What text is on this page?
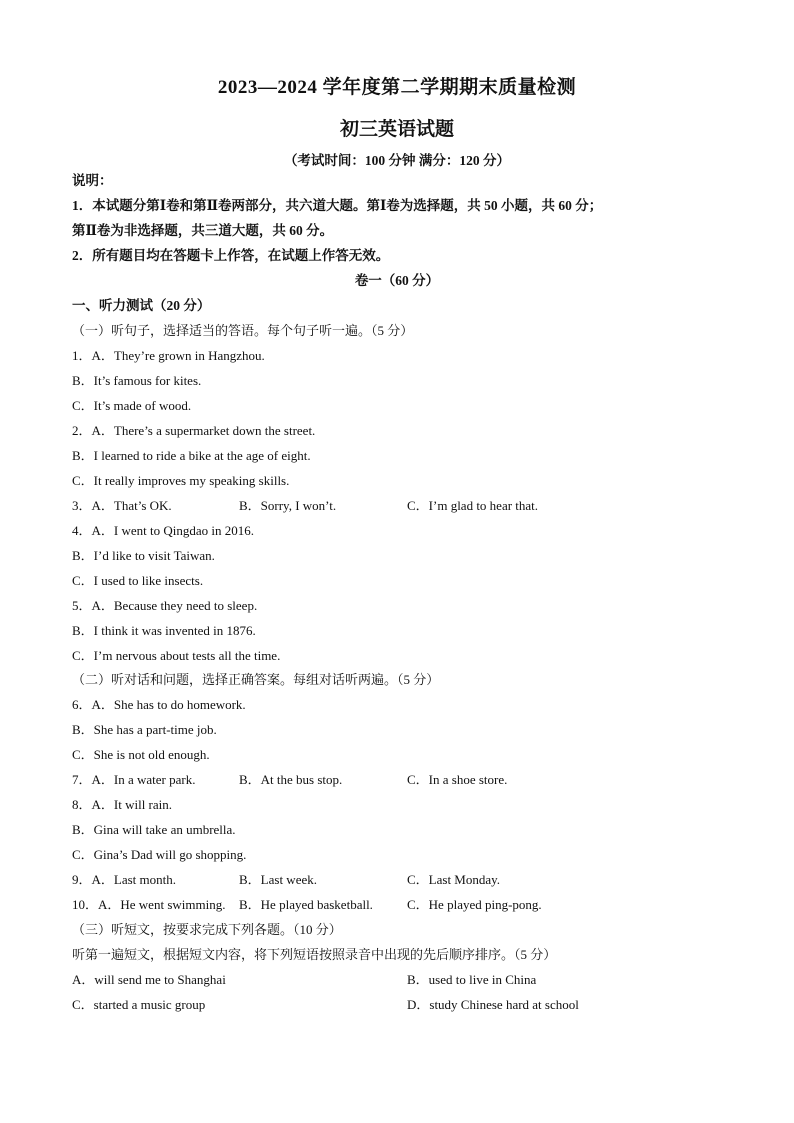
2023—2024 学年度第二学期期末质量检测
初三英语试题
（考试时间：100 分钟 满分：120 分）
说明：
1．本试题分第Ⅰ卷和第Ⅱ卷两部分，共六道大题。第Ⅰ卷为选择题，共 50 小题，共 60 分；
第Ⅱ卷为非选择题，共三道大题，共 60 分。
2．所有题目均在答题卡上作答，在试题上作答无效。
卷一（60 分）
一、听力测试（20 分）
（一）听句子，选择适当的答语。每个句子听一遍。（5 分）
1．A．They’re grown in Hangzhou.
B．It’s famous for kites.
C．It’s made of wood.
2．A．There’s a supermarket down the street.
B．I learned to ride a bike at the age of eight.
C．It really improves my speaking skills.
3．A．That’s OK.	B．Sorry, I won’t.	C．I’m glad to hear that.
4．A．I went to Qingdao in 2016.
B．I’d like to visit Taiwan.
C．I used to like insects.
5．A．Because they need to sleep.
B．I think it was invented in 1876.
C．I’m nervous about tests all the time.
（二）听对话和问题，选择正确答案。每组对话听两遍。（5 分）
6．A．She has to do homework.
B．She has a part-time job.
C．She is not old enough.
7．A．In a water park.	B．At the bus stop.	C．In a shoe store.
8．A．It will rain.
B．Gina will take an umbrella.
C．Gina’s Dad will go shopping.
9．A．Last month.	B．Last week.	C．Last Monday.
10．A．He went swimming. B．He played basketball.	C．He played ping-pong.
（三）听短文，按要求完成下列各题。（10 分）
听第一遍短文，根据短文内容，将下列短语按照录音中出现的先后顺序排序。（5 分）
A．will send me to Shanghai	B．used to live in China
C．started a music group	D．study Chinese hard at school
